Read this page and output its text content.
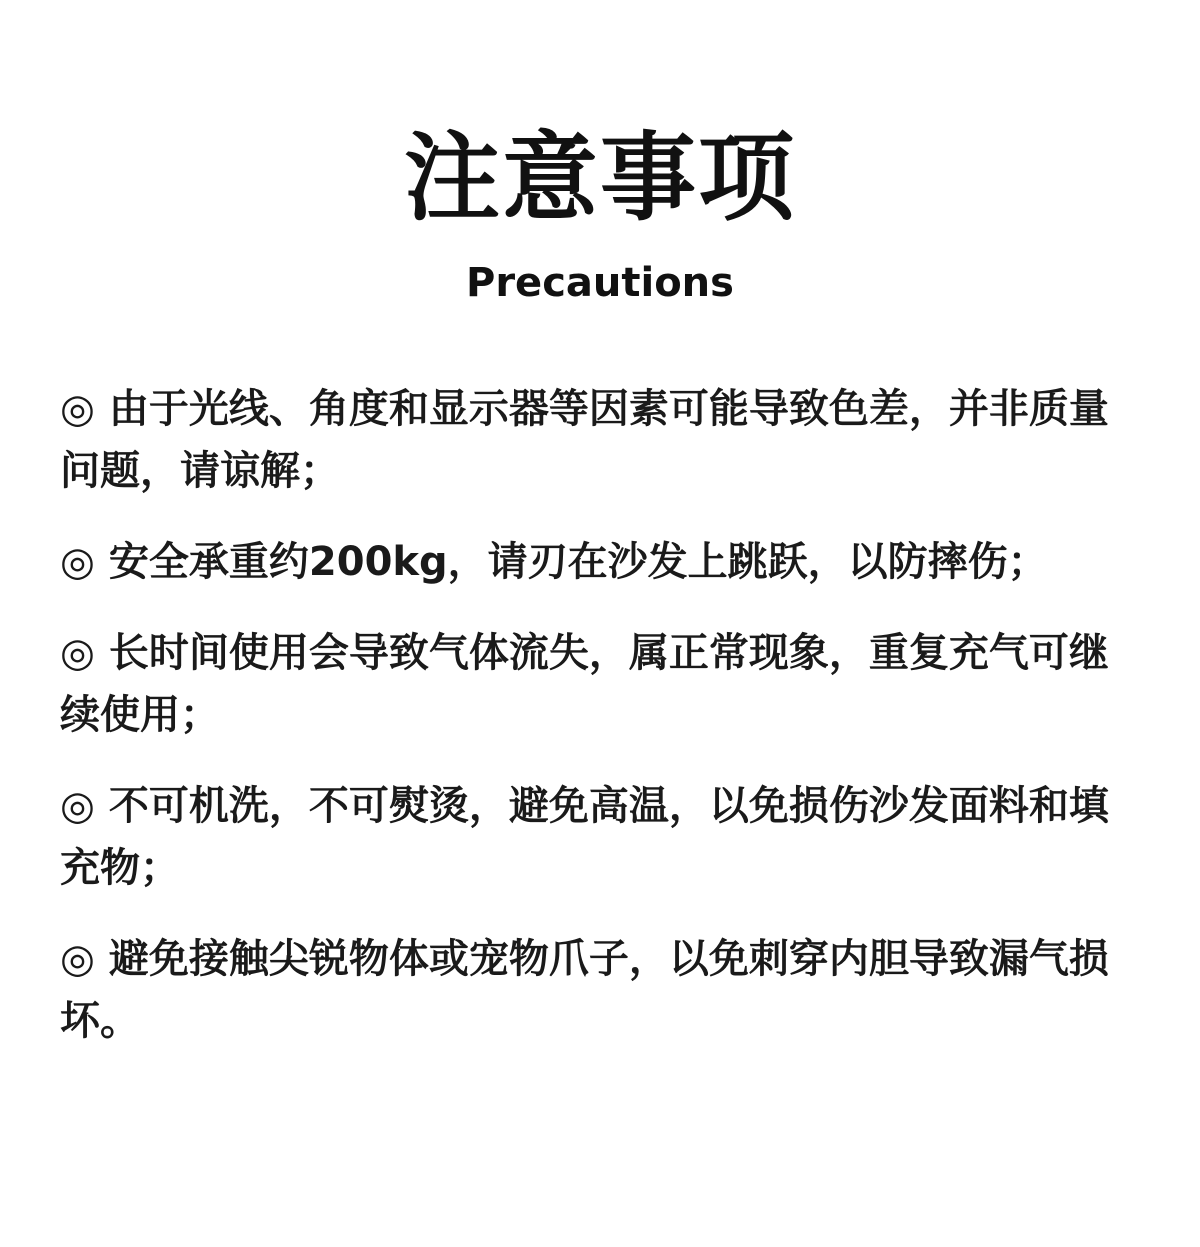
注意事项
Precautions
◎ 由于光线、角度和显示器等因素可能导致色差，并非质量问题，请谅解；
◎ 安全承重约200kg，请刃在沙发上跳跃，以防摔伤；
◎ 长时间使用会导致气体流失，属正常现象，重复充气可继续使用；
◎ 不可机洗，不可熨烫，避免高温，以免损伤沙发面料和填充物；
◎ 避免接触尖锐物体或宠物爪子，以免刺穿内胆导致漏气损坏。
